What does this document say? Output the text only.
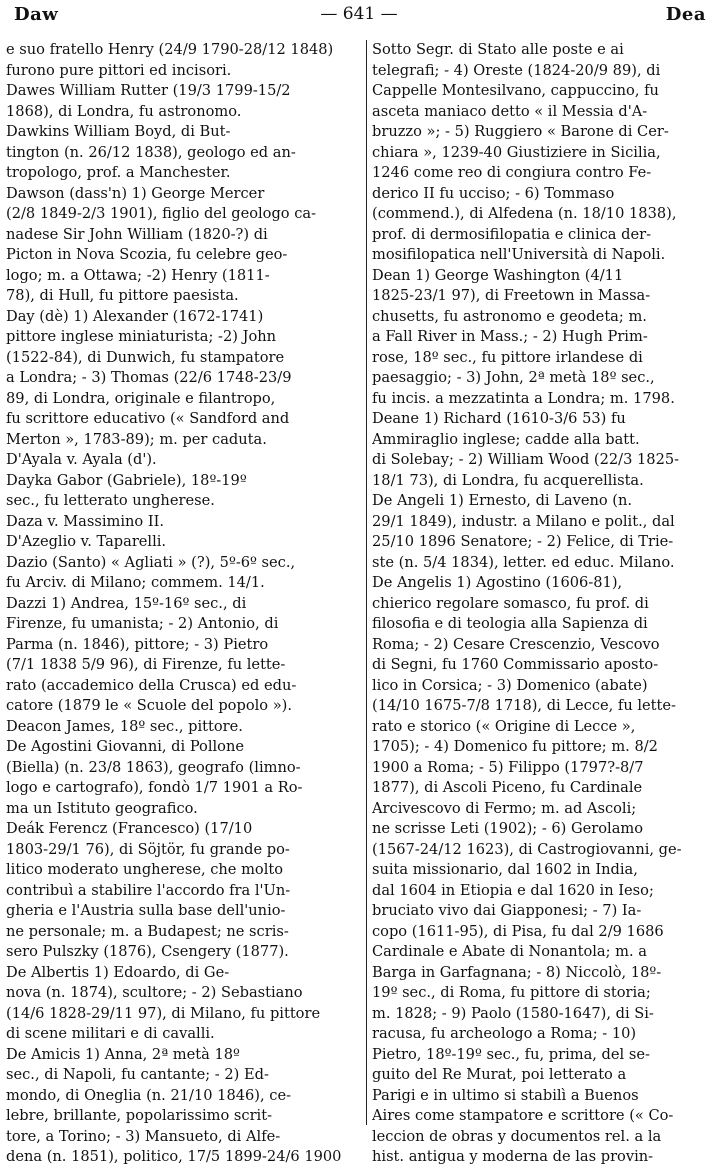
Daw	— 641 —	Dea
e suo fratello Henry (24/9 1790-28/12 1848)
furono pure pittori ed incisori.
Dawes William Rutter (19/3 1799-15/2
1868), di Londra, fu astronomo.
Dawkins William Boyd, di But-
tington (n. 26/12 1838), geologo ed an-
tropologo, prof. a Manchester.
Dawson (dass'n) 1) George Mercer
(2/8 1849-2/3 1901), figlio del geologo ca-
nadese Sir John William (1820-?) di
Picton in Nova Scozia, fu celebre geo-
logo; m. a Ottawa; -2) Henry (1811-
78), di Hull, fu pittore paesista.
Day (dè) 1) Alexander (1672-1741)
pittore inglese miniaturista; -2) John
(1522-84), di Dunwich, fu stampatore
a Londra; - 3) Thomas (22/6 1748-23/9
89, di Londra, originale e filantropo,
fu scrittore educativo (« Sandford and
Merton », 1783-89); m. per caduta.
D'Ayala v. Ayala (d').
Dayka Gabor (Gabriele), 18º-19º
sec., fu letterato ungherese.
Daza v. Massimino II.
D'Azeglio v. Taparelli.
Dazio (Santo) « Agliati » (?), 5º-6º sec.,
fu Arciv. di Milano; commem. 14/1.
Dazzi 1) Andrea, 15º-16º sec., di
Firenze, fu umanista; - 2) Antonio, di
Parma (n. 1846), pittore; - 3) Pietro
(7/1 1838 5/9 96), di Firenze, fu lette-
rato (accademico della Crusca) ed edu-
catore (1879 le « Scuole del popolo »).
Deacon James, 18º sec., pittore.
De Agostini Giovanni, di Pollone
(Biella) (n. 23/8 1863), geografo (limno-
logo e cartografo), fondò 1/7 1901 a Ro-
ma un Istituto geografico.
Deák Ferencz (Francesco) (17/10
1803-29/1 76), di Söjtör, fu grande po-
litico moderato ungherese, che molto
contribuì a stabilire l'accordo fra l'Un-
gheria e l'Austria sulla base dell'unio-
ne personale; m. a Budapest; ne scris-
sero Pulszky (1876), Csengery (1877).
De Albertis 1) Edoardo, di Ge-
nova (n. 1874), scultore; - 2) Sebastiano
(14/6 1828-29/11 97), di Milano, fu pittore
di scene militari e di cavalli.
De Amicis 1) Anna, 2ª metà 18º
sec., di Napoli, fu cantante; - 2) Ed-
mondo, di Oneglia (n. 21/10 1846), ce-
lebre, brillante, popolarissimo scrit-
tore, a Torino; - 3) Mansueto, di Alfe-
dena (n. 1851), politico, 17/5 1899-24/6 1900
Sotto Segr. di Stato alle poste e ai
telegrafi; - 4) Oreste (1824-20/9 89), di
Cappelle Montesilvano, cappuccino, fu
asceta maniaco detto « il Messia d'A-
bruzzo »; - 5) Ruggiero « Barone di Cer-
chiara », 1239-40 Giustiziere in Sicilia,
1246 come reo di congiura contro Fe-
derico II fu ucciso; - 6) Tommaso
(commend.), di Alfedena (n. 18/10 1838),
prof. di dermosifilopatia e clinica der-
mosifilopatica nell'Università di Napoli.
Dean 1) George Washington (4/11
1825-23/1 97), di Freetown in Massa-
chusetts, fu astronomo e geodeta; m.
a Fall River in Mass.; - 2) Hugh Prim-
rose, 18º sec., fu pittore irlandese di
paesaggio; - 3) John, 2ª metà 18º sec.,
fu incis. a mezzatinta a Londra; m. 1798.
Deane 1) Richard (1610-3/6 53) fu
Ammiraglio inglese; cadde alla batt.
di Solebay; - 2) William Wood (22/3 1825-
18/1 73), di Londra, fu acquerellista.
De Angeli 1) Ernesto, di Laveno (n.
29/1 1849), industr. a Milano e polit., dal
25/10 1896 Senatore; - 2) Felice, di Trie-
ste (n. 5/4 1834), letter. ed educ. Milano.
De Angelis 1) Agostino (1606-81),
chierico regolare somasco, fu prof. di
filosofia e di teologia alla Sapienza di
Roma; - 2) Cesare Crescenzio, Vescovo
di Segni, fu 1760 Commissario aposto-
lico in Corsica; - 3) Domenico (abate)
(14/10 1675-7/8 1718), di Lecce, fu lette-
rato e storico (« Origine di Lecce »,
1705); - 4) Domenico fu pittore; m. 8/2
1900 a Roma; - 5) Filippo (1797?-8/7
1877), di Ascoli Piceno, fu Cardinale
Arcivescovo di Fermo; m. ad Ascoli;
ne scrisse Leti (1902); - 6) Gerolamo
(1567-24/12 1623), di Castrogiovanni, ge-
suita missionario, dal 1602 in India,
dal 1604 in Etiopia e dal 1620 in Ieso;
bruciato vivo dai Giapponesi; - 7) Ia-
copo (1611-95), di Pisa, fu dal 2/9 1686
Cardinale e Abate di Nonantola; m. a
Barga in Garfagnana; - 8) Niccolò, 18º-
19º sec., di Roma, fu pittore di storia;
m. 1828; - 9) Paolo (1580-1647), di Si-
racusa, fu archeologo a Roma; - 10)
Pietro, 18º-19º sec., fu, prima, del se-
guito del Re Murat, poi letterato a
Parigi e in ultimo si stabilì a Buenos
Aires come stampatore e scrittore (« Co-
leccion de obras y documentos rel. a la
hist. antigua y moderna de las provin-
